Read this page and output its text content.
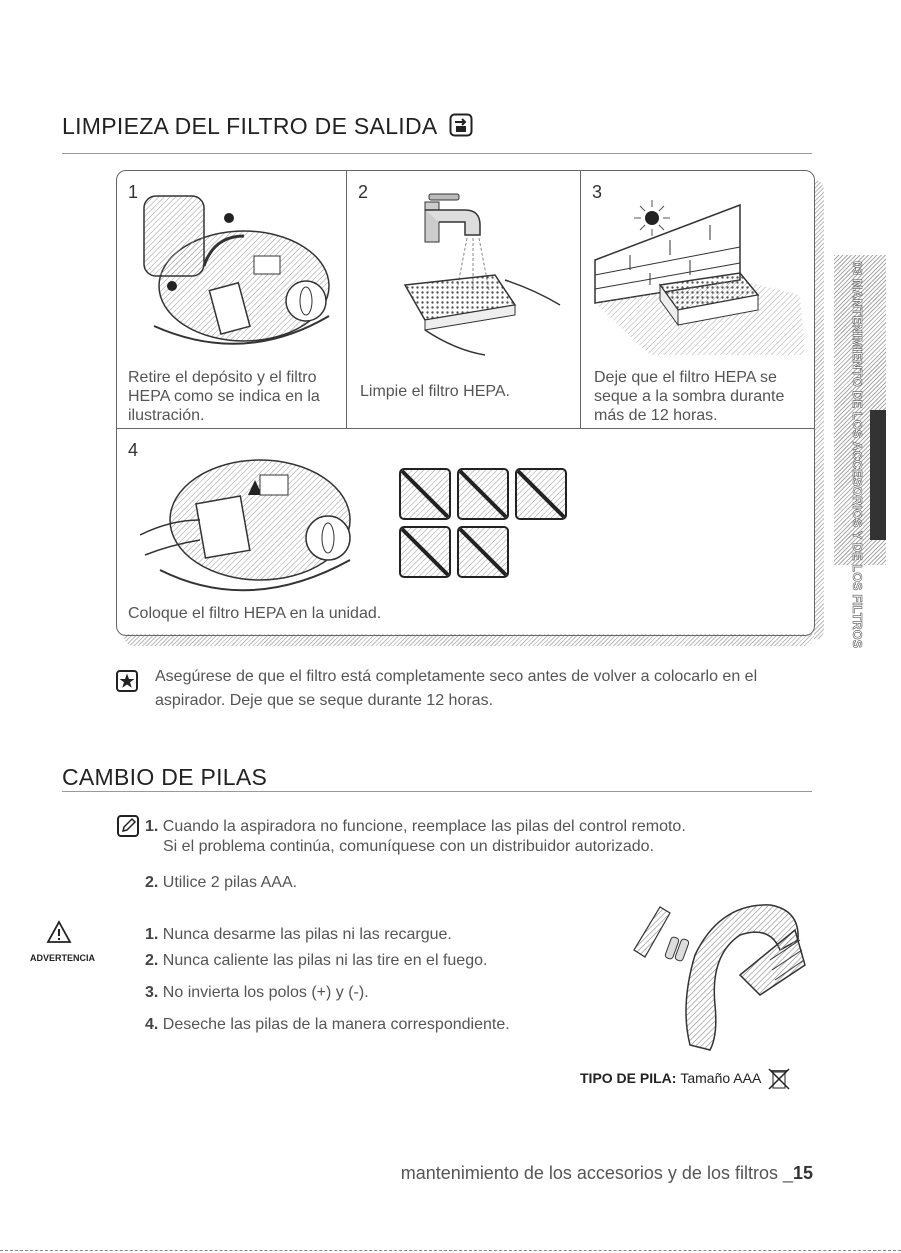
LIMPIEZA DEL FILTRO DE SALIDA
1
Retire el depósito y el filtro HEPA como se indica en la ilustración.
2
Limpie el filtro HEPA.
3
Deje que el filtro HEPA se seque a la sombra durante más de 12 horas.
4
Coloque el filtro HEPA en la unidad.
Asegúrese de que el filtro está completamente seco antes de volver a colocarlo en el aspirador. Deje que se seque durante 12 horas.
CAMBIO DE PILAS
1. Cuando la aspiradora no funcione, reemplace las pilas del control remoto.
Si el problema continúa, comuníquese con un distribuidor autorizado.
2. Utilice 2 pilas AAA.
ADVERTENCIA
1. Nunca desarme las pilas ni las recargue.
2. Nunca caliente las pilas ni las tire en el fuego.
3. No invierta los polos (+) y (-).
4. Deseche las pilas de la manera correspondiente.
TIPO DE PILA: Tamaño AAA
03 MANTENIMIENTO DE LOS ACCESORIOS Y DE LOS FILTROS
mantenimiento de los accesorios y de los filtros _15
